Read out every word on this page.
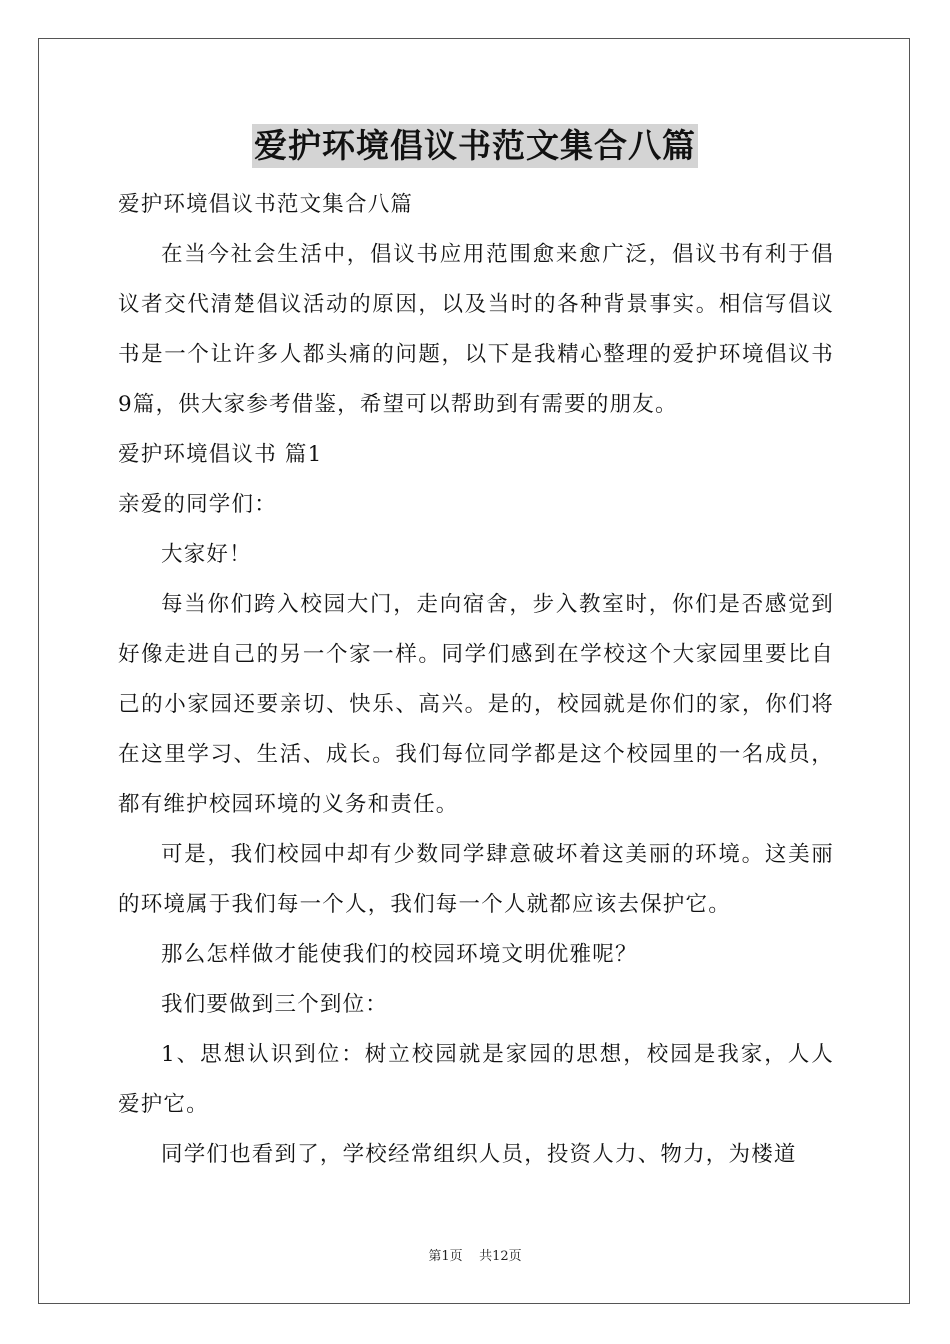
爱护环境倡议书范文集合八篇

爱护环境倡议书范文集合八篇

在当今社会生活中，倡议书应用范围愈来愈广泛，倡议书有利于倡议者交代清楚倡议活动的原因，以及当时的各种背景事实。相信写倡议书是一个让许多人都头痛的问题，以下是我精心整理的爱护环境倡议书9篇，供大家参考借鉴，希望可以帮助到有需要的朋友。

爱护环境倡议书 篇1

亲爱的同学们：

大家好！

每当你们跨入校园大门，走向宿舍，步入教室时，你们是否感觉到好像走进自己的另一个家一样。同学们感到在学校这个大家园里要比自己的小家园还要亲切、快乐、高兴。是的，校园就是你们的家，你们将在这里学习、生活、成长。我们每位同学都是这个校园里的一名成员，都有维护校园环境的义务和责任。

可是，我们校园中却有少数同学肆意破坏着这美丽的环境。这美丽的环境属于我们每一个人，我们每一个人就都应该去保护它。

那么怎样做才能使我们的校园环境文明优雅呢？

我们要做到三个到位：

1、思想认识到位：树立校园就是家园的思想，校园是我家，人人爱护它。

同学们也看到了，学校经常组织人员，投资人力、物力，为楼道

第1页    共12页
